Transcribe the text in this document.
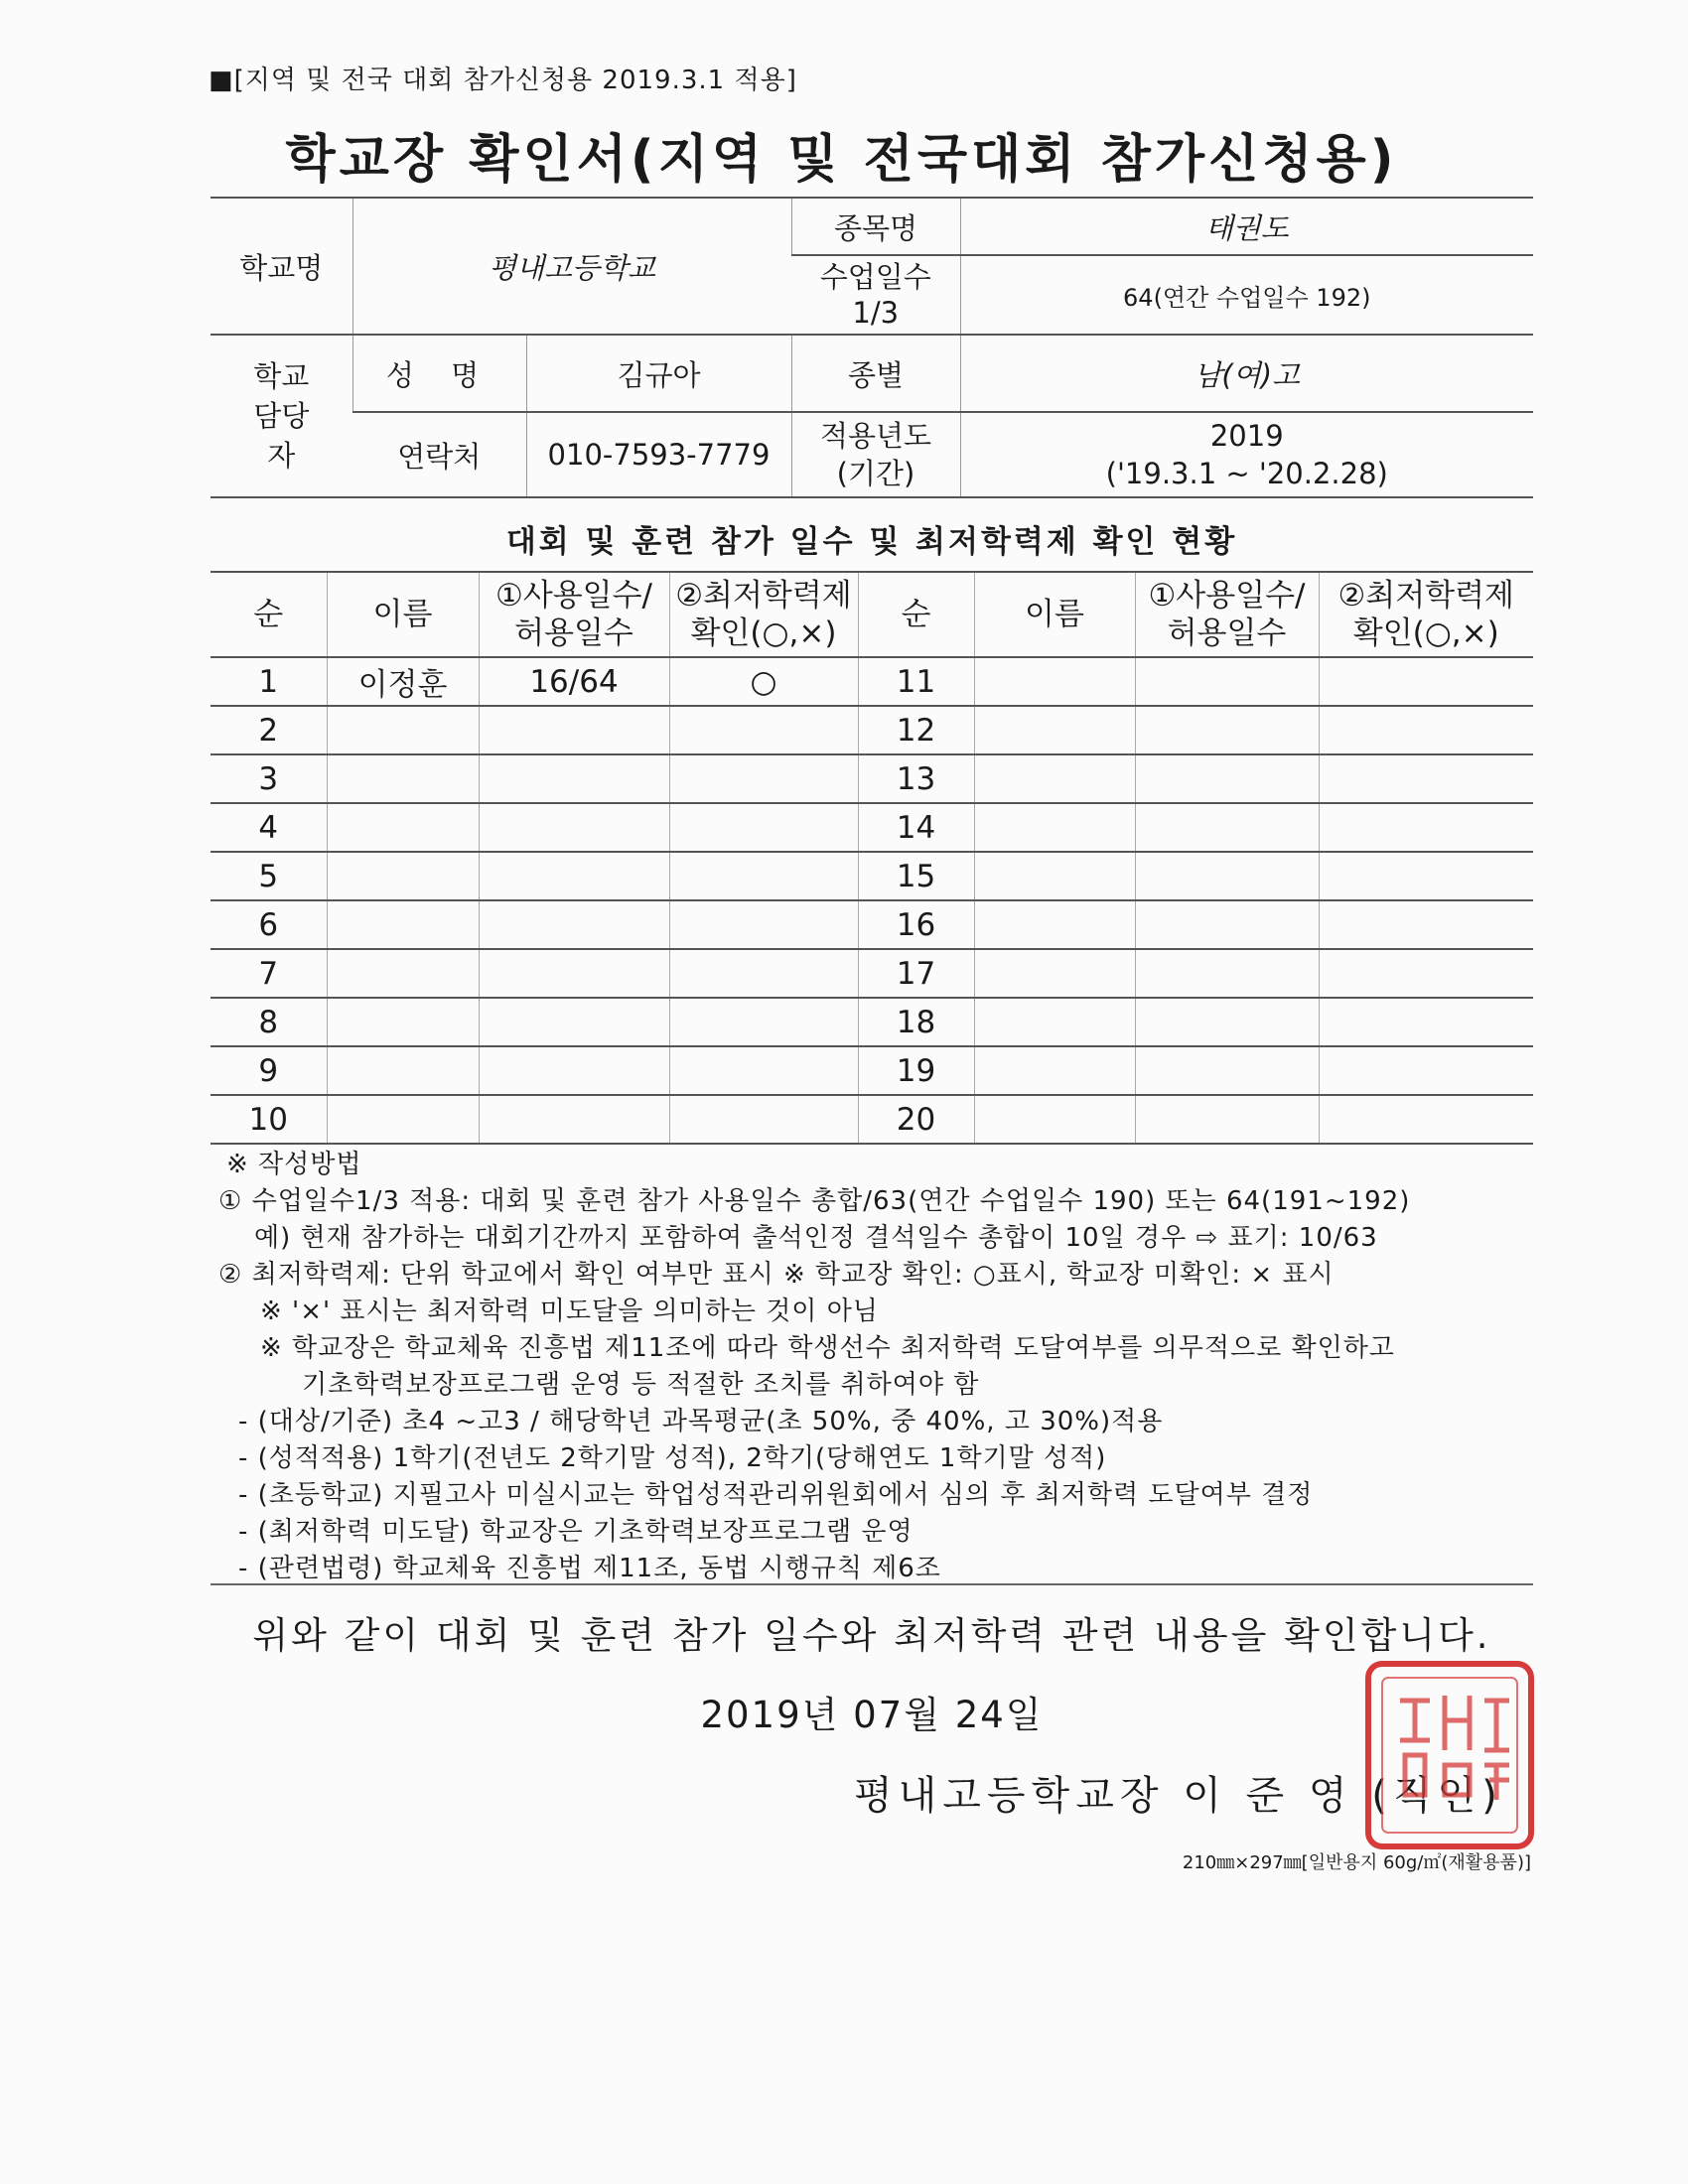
■[지역 및 전국 대회 참가신청용 2019.3.1 적용]
학교장 확인서(지역 및 전국대회 참가신청용)
학교명	평내고등학교		종목명	태권도
			수업일수 1/3	64(연간 수업일수 192)
학교 담당자	성 명	김규아	종별	남(여)고
	연락처	010-7593-7779	적용년도 (기간)	2019
('19.3.1 ~ '20.2.28)
대회 및 훈련 참가 일수 및 최저학력제 확인 현황
순	이름	①사용일수/ 허용일수	②최저학력제 확인(○,×)	순	이름	①사용일수/ 허용일수	②최저학력제 확인(○,×)
1	이정훈	16/64	○	11			
2				12			
3				13			
4				14			
5				15			
6				16			
7				17			
8				18			
9				19			
10				20			
※ 작성방법
① 수업일수1/3 적용: 대회 및 훈련 참가 사용일수 총합/63(연간 수업일수 190) 또는 64(191~192)
예) 현재 참가하는 대회기간까지 포함하여 출석인정 결석일수 총합이 10일 경우 ⇨ 표기: 10/63
② 최저학력제: 단위 학교에서 확인 여부만 표시 ※ 학교장 확인: ○표시, 학교장 미확인: × 표시
※ '×' 표시는 최저학력 미도달을 의미하는 것이 아님
※ 학교장은 학교체육 진흥법 제11조에 따라 학생선수 최저학력 도달여부를 의무적으로 확인하고
기초학력보장프로그램 운영 등 적절한 조치를 취하여야 함
- (대상/기준) 초4 ~고3 / 해당학년 과목평균(초 50%, 중 40%, 고 30%)적용
- (성적적용) 1학기(전년도 2학기말 성적), 2학기(당해연도 1학기말 성적)
- (초등학교) 지필고사 미실시교는 학업성적관리위원회에서 심의 후 최저학력 도달여부 결정
- (최저학력 미도달) 학교장은 기초학력보장프로그램 운영
- (관련법령) 학교체육 진흥법 제11조, 동법 시행규칙 제6조
위와 같이 대회 및 훈련 참가 일수와 최저학력 관련 내용을 확인합니다.
2019년 07월 24일
평내고등학교장 이 준 영 (직인)
210㎜×297㎜[일반용지 60g/㎡(재활용품)]
